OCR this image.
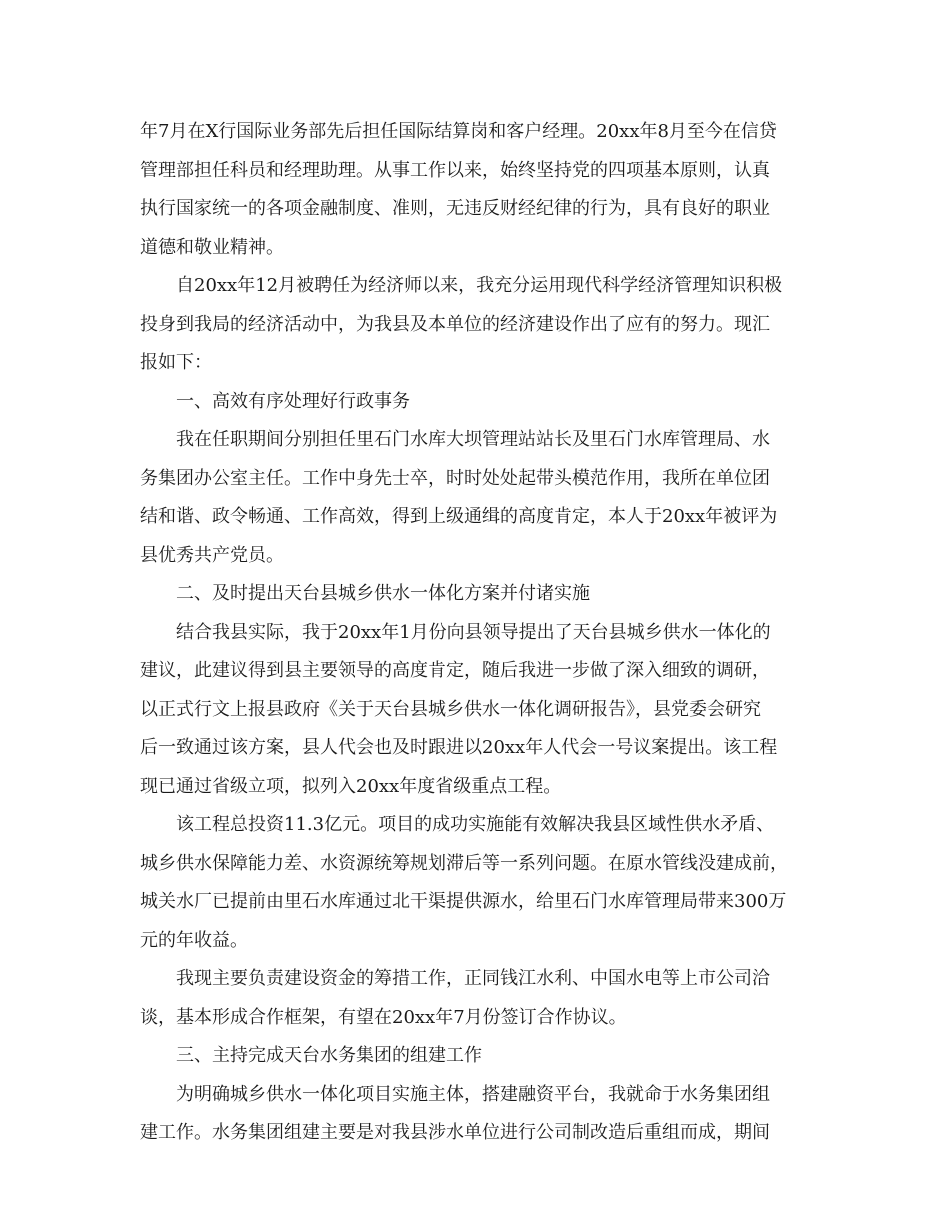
年7月在X行国际业务部先后担任国际结算岗和客户经理。20xx年8月至今在信贷
管理部担任科员和经理助理。从事工作以来，始终坚持党的四项基本原则，认真
执行国家统一的各项金融制度、准则，无违反财经纪律的行为，具有良好的职业
道德和敬业精神。
自20xx年12月被聘任为经济师以来，我充分运用现代科学经济管理知识积极
投身到我局的经济活动中，为我县及本单位的经济建设作出了应有的努力。现汇
报如下：
一、高效有序处理好行政事务
我在任职期间分别担任里石门水库大坝管理站站长及里石门水库管理局、水
务集团办公室主任。工作中身先士卒，时时处处起带头模范作用，我所在单位团
结和谐、政令畅通、工作高效，得到上级通缉的高度肯定，本人于20xx年被评为
县优秀共产党员。
二、及时提出天台县城乡供水一体化方案并付诸实施
结合我县实际，我于20xx年1月份向县领导提出了天台县城乡供水一体化的
建议，此建议得到县主要领导的高度肯定，随后我进一步做了深入细致的调研，
以正式行文上报县政府《关于天台县城乡供水一体化调研报告》，县党委会研究
后一致通过该方案，县人代会也及时跟进以20xx年人代会一号议案提出。该工程
现已通过省级立项，拟列入20xx年度省级重点工程。
该工程总投资11.3亿元。项目的成功实施能有效解决我县区域性供水矛盾、
城乡供水保障能力差、水资源统筹规划滞后等一系列问题。在原水管线没建成前，
城关水厂已提前由里石水库通过北干渠提供源水，给里石门水库管理局带来300万
元的年收益。
我现主要负责建设资金的筹措工作，正同钱江水利、中国水电等上市公司洽
谈，基本形成合作框架，有望在20xx年7月份签订合作协议。
三、主持完成天台水务集团的组建工作
为明确城乡供水一体化项目实施主体，搭建融资平台，我就命于水务集团组
建工作。水务集团组建主要是对我县涉水单位进行公司制改造后重组而成，期间
